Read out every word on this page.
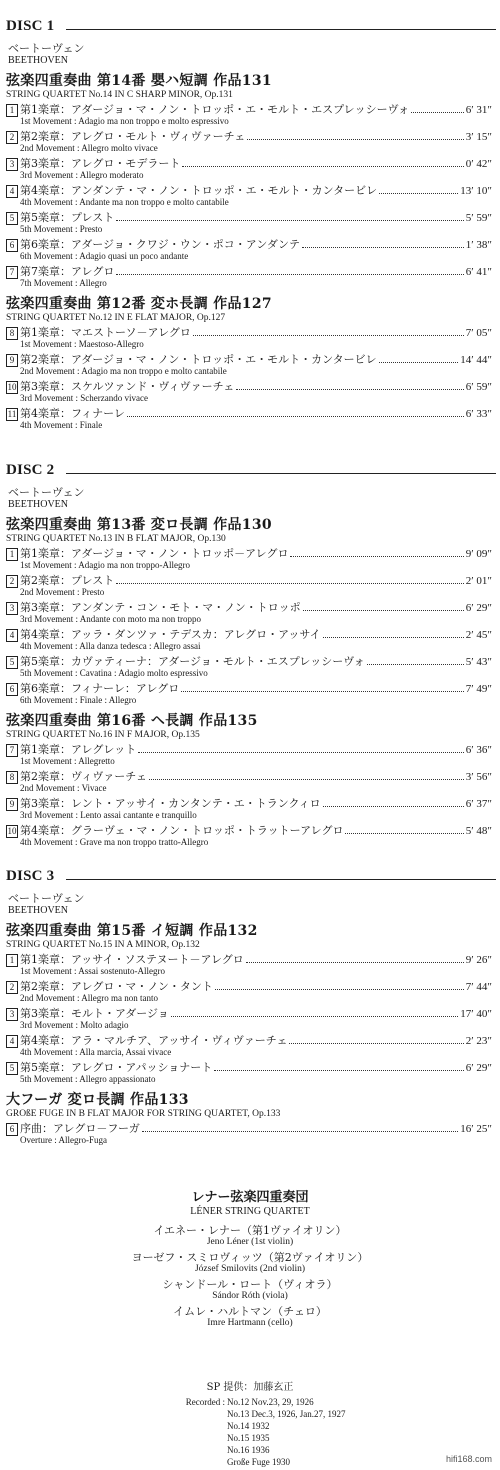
DISC 1
ベートーヴェン
BEETHOVEN
弦楽四重奏曲 第14番 嬰ハ短調 作品131
STRING QUARTET No.14 IN C SHARP MINOR, Op.131
1 第1楽章：アダージョ・マ・ノン・トロッポ・エ・モルト・エスプレッシーヴォ	6′ 31″
1st Movement : Adagio ma non troppo e molto espressivo
2 第2楽章：アレグロ・モルト・ヴィヴァーチェ	3′ 15″
2nd Movement : Allegro molto vivace
3 第3楽章：アレグロ・モデラート	0′ 42″
3rd Movement : Allegro moderato
4 第4楽章：アンダンテ・マ・ノン・トロッポ・エ・モルト・カンタービレ	13′ 10″
4th Movement : Andante ma non troppo e molto cantabile
5 第5楽章：プレスト	5′ 59″
5th Movement : Presto
6 第6楽章：アダージョ・クワジ・ウン・ポコ・アンダンテ	1′ 38″
6th Movement : Adagio quasi un poco andante
7 第7楽章：アレグロ	6′ 41″
7th Movement : Allegro
弦楽四重奏曲 第12番 変ホ長調 作品127
STRING QUARTET No.12 IN E FLAT MAJOR, Op.127
8 第1楽章：マエストーソ－アレグロ	7′ 05″
1st Movement : Maestoso-Allegro
9 第2楽章：アダージョ・マ・ノン・トロッポ・エ・モルト・カンタービレ	14′ 44″
2nd Movement : Adagio ma non troppo e molto cantabile
10 第3楽章：スケルツァンド・ヴィヴァーチェ	6′ 59″
3rd Movement : Scherzando vivace
11 第4楽章：フィナーレ	6′ 33″
4th Movement : Finale
DISC 2
ベートーヴェン
BEETHOVEN
弦楽四重奏曲 第13番 変ロ長調 作品130
STRING QUARTET No.13 IN B FLAT MAJOR, Op.130
1 第1楽章：アダージョ・マ・ノン・トロッポ－アレグロ	9′ 09″
1st Movement : Adagio ma non troppo-Allegro
2 第2楽章：プレスト	2′ 01″
2nd Movement : Presto
3 第3楽章：アンダンテ・コン・モト・マ・ノン・トロッポ	6′ 29″
3rd Movement : Andante con moto ma non troppo
4 第4楽章：アッラ・ダンツァ・テデスカ：アレグロ・アッサイ	2′ 45″
4th Movement : Alla danza tedesca : Allegro assai
5 第5楽章：カヴァティーナ：アダージョ・モルト・エスプレッシーヴォ	5′ 43″
5th Movement : Cavatina : Adagio molto espressivo
6 第6楽章：フィナーレ：アレグロ	7′ 49″
6th Movement : Finale : Allegro
弦楽四重奏曲 第16番 ヘ長調 作品135
STRING QUARTET No.16 IN F MAJOR, Op.135
7 第1楽章：アレグレット	6′ 36″
1st Movement : Allegretto
8 第2楽章：ヴィヴァーチェ	3′ 56″
2nd Movement : Vivace
9 第3楽章：レント・アッサイ・カンタンテ・エ・トランクィロ	6′ 37″
3rd Movement : Lento assai cantante e tranquillo
10 第4楽章：グラーヴェ・マ・ノン・トロッポ・トラットーアレグロ	5′ 48″
4th Movement : Grave ma non troppo tratto-Allegro
DISC 3
ベートーヴェン
BEETHOVEN
弦楽四重奏曲 第15番 イ短調 作品132
STRING QUARTET No.15 IN A MINOR, Op.132
1 第1楽章：アッサイ・ソステヌート－アレグロ	9′ 26″
1st Movement : Assai sostenuto-Allegro
2 第2楽章：アレグロ・マ・ノン・タント	7′ 44″
2nd Movement : Allegro ma non tanto
3 第3楽章：モルト・アダージョ	17′ 40″
3rd Movement : Molto adagio
4 第4楽章：アラ・マルチア、アッサイ・ヴィヴァーチェ	2′ 23″
4th Movement : Alla marcia, Assai vivace
5 第5楽章：アレグロ・アパッショナート	6′ 29″
5th Movement : Allegro appassionato
大フーガ 変ロ長調 作品133
GROßE FUGE IN B FLAT MAJOR FOR STRING QUARTET, Op.133
6 序曲：アレグロ－フーガ	16′ 25″
Overture : Allegro-Fuga
レナー弦楽四重奏団
LÉNER STRING QUARTET
イエネー・レナー（第1ヴァイオリン）
Jeno Léner (1st violin)
ヨーゼフ・スミロヴィッツ（第2ヴァイオリン）
József Smilovits (2nd violin)
シャンドール・ロート（ヴィオラ）
Sándor Róth (viola)
イムレ・ハルトマン（チェロ）
Imre Hartmann (cello)
SP 提供：加藤玄正
Recorded : No.12 Nov.23, 29, 1926
No.13 Dec.3, 1926, Jan.27, 1927
No.14 1932
No.15 1935
No.16 1936
Große Fuge 1930	hifi168.com
